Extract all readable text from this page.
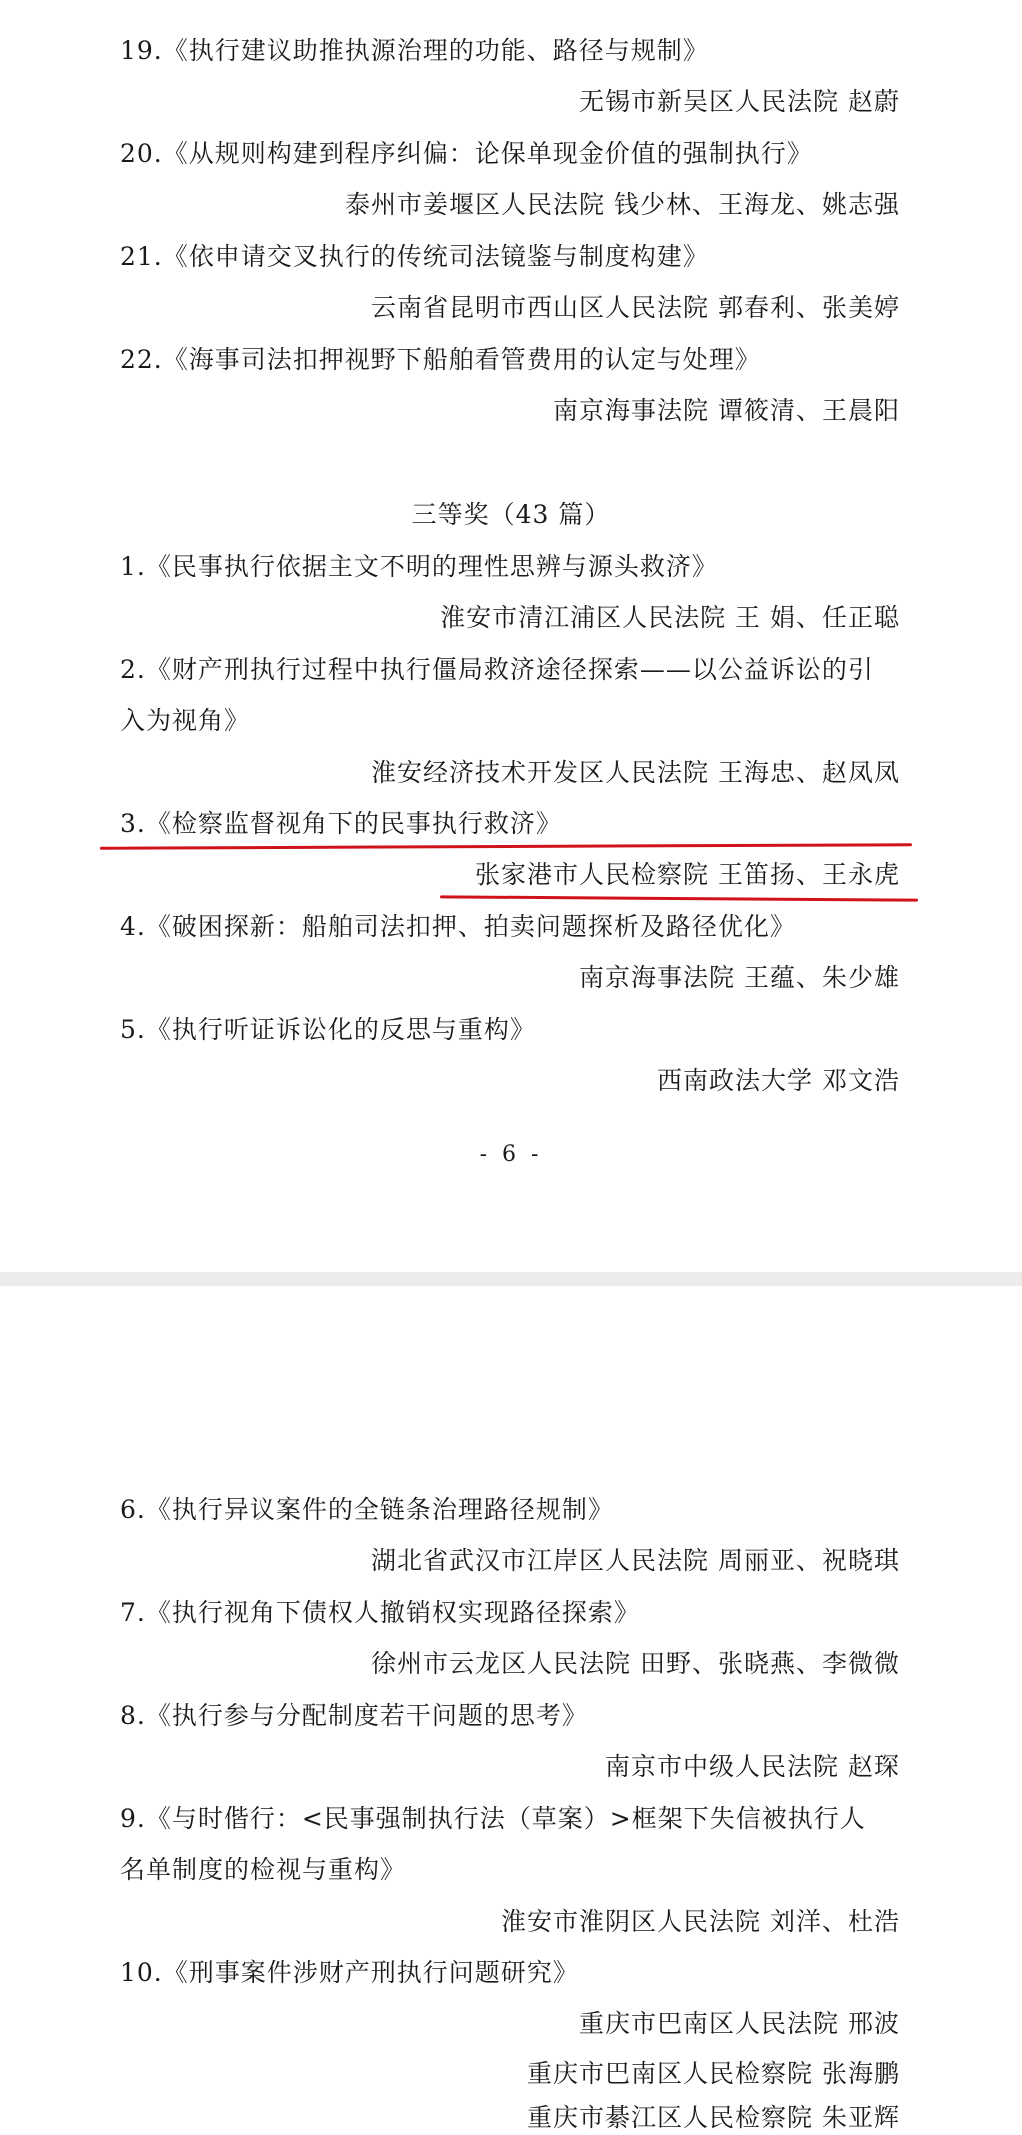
19.《执行建议助推执源治理的功能、路径与规制》
无锡市新吴区人民法院 赵蔚
20.《从规则构建到程序纠偏：论保单现金价值的强制执行》
泰州市姜堰区人民法院 钱少林、王海龙、姚志强
21.《依申请交叉执行的传统司法镜鉴与制度构建》
云南省昆明市西山区人民法院 郭春利、张美婷
22.《海事司法扣押视野下船舶看管费用的认定与处理》
南京海事法院 谭筱清、王晨阳
三等奖（43 篇）
1.《民事执行依据主文不明的理性思辨与源头救济》
淮安市清江浦区人民法院 王 娟、任正聪
2.《财产刑执行过程中执行僵局救济途径探索——以公益诉讼的引
入为视角》
淮安经济技术开发区人民法院 王海忠、赵凤凤
3.《检察监督视角下的民事执行救济》
张家港市人民检察院 王笛扬、王永虎
4.《破困探新：船舶司法扣押、拍卖问题探析及路径优化》
南京海事法院 王蕴、朱少雄
5.《执行听证诉讼化的反思与重构》
西南政法大学 邓文浩
- 6 -
6.《执行异议案件的全链条治理路径规制》
湖北省武汉市江岸区人民法院 周丽亚、祝晓琪
7.《执行视角下债权人撤销权实现路径探索》
徐州市云龙区人民法院 田野、张晓燕、李微微
8.《执行参与分配制度若干问题的思考》
南京市中级人民法院 赵琛
9.《与时偕行：<民事强制执行法（草案）>框架下失信被执行人
名单制度的检视与重构》
淮安市淮阴区人民法院 刘洋、杜浩
10.《刑事案件涉财产刑执行问题研究》
重庆市巴南区人民法院 邢波
重庆市巴南区人民检察院 张海鹏
重庆市綦江区人民检察院 朱亚辉
